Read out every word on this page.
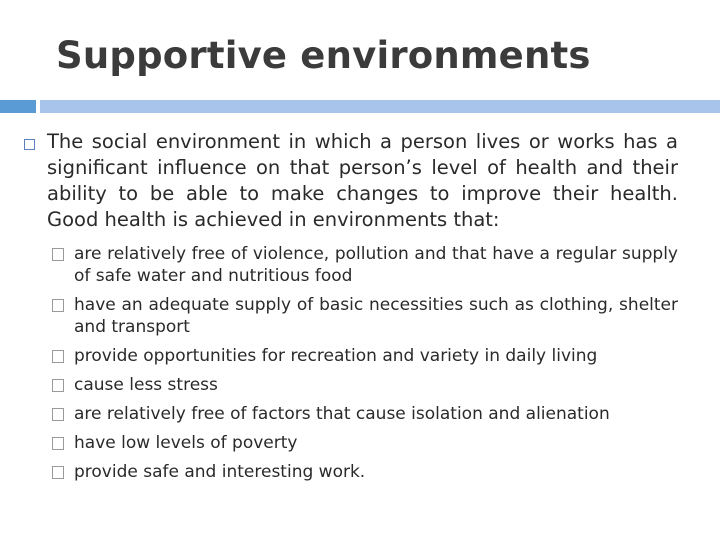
Supportive environments

The social environment in which a person lives or works has a significant influence on that person’s level of health and their ability to be able to make changes to improve their health. Good health is achieved in environments that:

are relatively free of violence, pollution and that have a regular supply of safe water and nutritious food
have an adequate supply of basic necessities such as clothing, shelter and transport
provide opportunities for recreation and variety in daily living
cause less stress
are relatively free of factors that cause isolation and alienation
have low levels of poverty
provide safe and interesting work.
